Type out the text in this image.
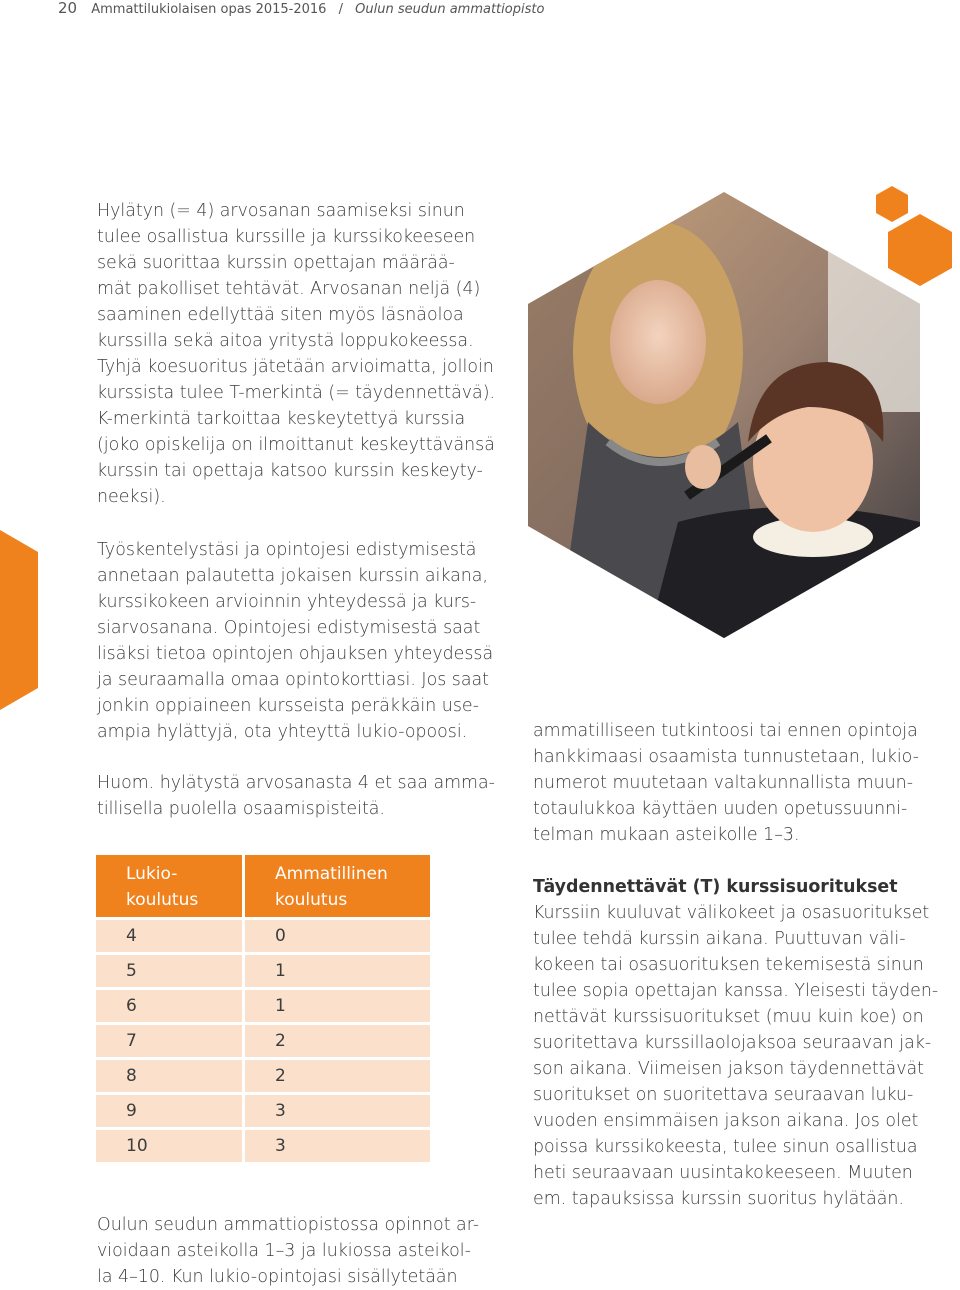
20 Ammattilukiolaisen opas 2015-2016 / Oulun seudun ammattiopisto
Hylätyn (= 4) arvosanan saamiseksi sinun
tulee osallistua kurssille ja kurssikokeeseen
sekä suorittaa kurssin opettajan määrää-
mät pakolliset tehtävät. Arvosanan neljä (4)
saaminen edellyttää siten myös läsnäoloa
kurssilla sekä aitoa yritystä loppukokeessa.
Tyhjä koesuoritus jätetään arvioimatta, jolloin
kurssista tulee T-merkintä (= täydennettävä).
K-merkintä tarkoittaa keskeytettyä kurssia
(joko opiskelija on ilmoittanut keskeyttävänsä
kurssin tai opettaja katsoo kurssin keskeyty-
neeksi).
Työskentelystäsi ja opintojesi edistymisestä
annetaan palautetta jokaisen kurssin aikana,
kurssikokeen arvioinnin yhteydessä ja kurs-
siarvosanana. Opintojesi edistymisestä saat
lisäksi tietoa opintojen ohjauksen yhteydessä
ja seuraamalla omaa opintokorttiasi. Jos saat
jonkin oppiaineen kursseista peräkkäin use-
ampia hylättyjä, ota yhteyttä lukio-opoosi.
Huom. hylätystä arvosanasta 4 et saa amma-
tillisella puolella osaamispisteitä.
Lukio-
koulutus	Ammatillinen
koulutus

4	0
5	1
6	1
7	2
8	2
9	3
10	3
Oulun seudun ammattiopistossa opinnot ar-
vioidaan asteikolla 1–3 ja lukiossa asteikol-
la 4–10. Kun lukio-opintojasi sisällytetään
ammatilliseen tutkintoosi tai ennen opintoja
hankkimaasi osaamista tunnustetaan, lukio-
numerot muutetaan valtakunnallista muun-
totaulukkoa käyttäen uuden opetussuunni-
telman mukaan asteikolle 1–3.
Täydennettävät (T) kurssisuoritukset
Kurssiin kuuluvat välikokeet ja osasuoritukset
tulee tehdä kurssin aikana. Puuttuvan väli-
kokeen tai osasuorituksen tekemisestä sinun
tulee sopia opettajan kanssa. Yleisesti täyden-
nettävät kurssisuoritukset (muu kuin koe) on
suoritettava kurssillaolojaksoa seuraavan jak-
son aikana. Viimeisen jakson täydennettävät
suoritukset on suoritettava seuraavan luku-
vuoden ensimmäisen jakson aikana. Jos olet
poissa kurssikokeesta, tulee sinun osallistua
heti seuraavaan uusintakokeeseen. Muuten
em. tapauksissa kurssin suoritus hylätään.
